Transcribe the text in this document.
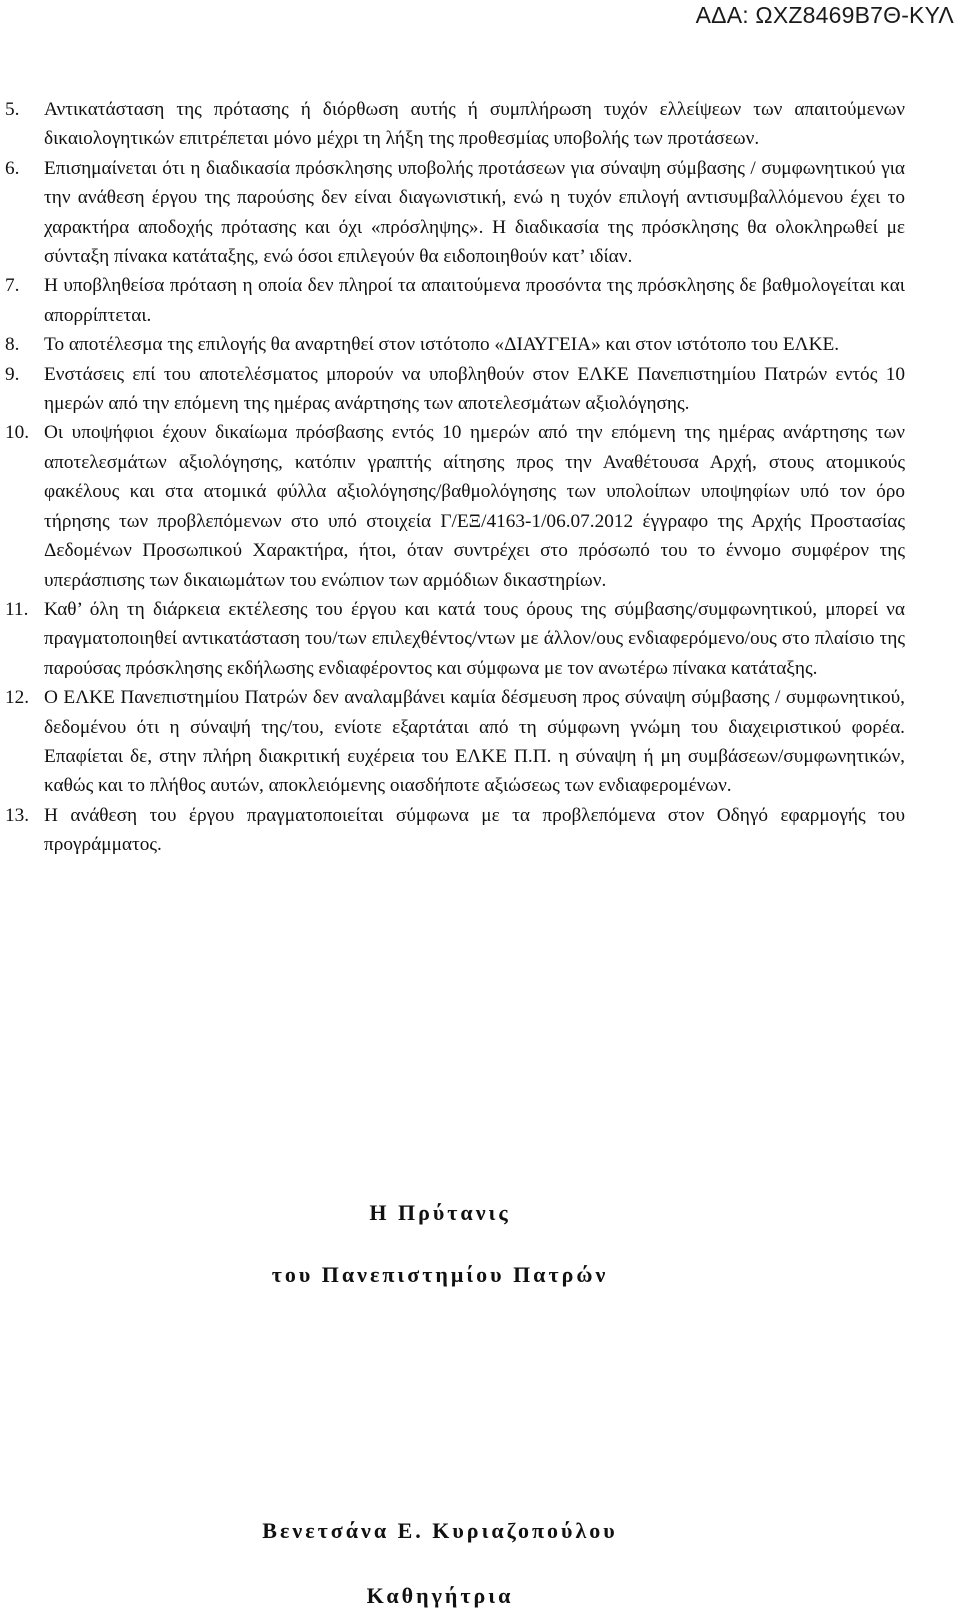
ΑΔΑ: ΩΧΖ8469Β7Θ-ΚΥΛ
5. Αντικατάσταση της πρότασης ή διόρθωση αυτής ή συμπλήρωση τυχόν ελλείψεων των απαιτούμενων δικαιολογητικών επιτρέπεται μόνο μέχρι τη λήξη της προθεσμίας υποβολής των προτάσεων.
6. Επισημαίνεται ότι η διαδικασία πρόσκλησης υποβολής προτάσεων για σύναψη σύμβασης / συμφωνητικού για την ανάθεση έργου της παρούσης δεν είναι διαγωνιστική, ενώ η τυχόν επιλογή αντισυμβαλλόμενου έχει το χαρακτήρα αποδοχής πρότασης και όχι «πρόσληψης». Η διαδικασία της πρόσκλησης θα ολοκληρωθεί με σύνταξη πίνακα κατάταξης, ενώ όσοι επιλεγούν θα ειδοποιηθούν κατ’ ιδίαν.
7. Η υποβληθείσα πρόταση η οποία δεν πληροί τα απαιτούμενα προσόντα της πρόσκλησης δε βαθμολογείται και απορρίπτεται.
8. Το αποτέλεσμα της επιλογής θα αναρτηθεί στον ιστότοπο «ΔΙΑΥΓΕΙΑ» και στον ιστότοπο του ΕΛΚΕ.
9. Ενστάσεις επί του αποτελέσματος μπορούν να υποβληθούν στον ΕΛΚΕ Πανεπιστημίου Πατρών εντός 10 ημερών από την επόμενη της ημέρας ανάρτησης των αποτελεσμάτων αξιολόγησης.
10. Οι υποψήφιοι έχουν δικαίωμα πρόσβασης εντός 10 ημερών από την επόμενη της ημέρας ανάρτησης των αποτελεσμάτων αξιολόγησης, κατόπιν γραπτής αίτησης προς την Αναθέτουσα Αρχή, στους ατομικούς φακέλους και στα ατομικά φύλλα αξιολόγησης/βαθμολόγησης των υπολοίπων υποψηφίων υπό τον όρο τήρησης των προβλεπόμενων στο υπό στοιχεία Γ/ΕΞ/4163-1/06.07.2012 έγγραφο της Αρχής Προστασίας Δεδομένων Προσωπικού Χαρακτήρα, ήτοι, όταν συντρέχει στο πρόσωπό του το έννομο συμφέρον της υπεράσπισης των δικαιωμάτων του ενώπιον των αρμόδιων δικαστηρίων.
11. Καθ’ όλη τη διάρκεια εκτέλεσης του έργου και κατά τους όρους της σύμβασης/συμφωνητικού, μπορεί να πραγματοποιηθεί αντικατάσταση του/των επιλεχθέντος/ντων με άλλον/ους ενδιαφερόμενο/ους στο πλαίσιο της παρούσας πρόσκλησης εκδήλωσης ενδιαφέροντος και σύμφωνα με τον ανωτέρω πίνακα κατάταξης.
12. Ο ΕΛΚΕ Πανεπιστημίου Πατρών δεν αναλαμβάνει καμία δέσμευση προς σύναψη σύμβασης / συμφωνητικού, δεδομένου ότι η σύναψή της/του, ενίοτε εξαρτάται από τη σύμφωνη γνώμη του διαχειριστικού φορέα. Επαφίεται δε, στην πλήρη διακριτική ευχέρεια του ΕΛΚΕ Π.Π. η σύναψη ή μη συμβάσεων/συμφωνητικών, καθώς και το πλήθος αυτών, αποκλειόμενης οιασδήποτε αξιώσεως των ενδιαφερομένων.
13. Η ανάθεση του έργου πραγματοποιείται σύμφωνα με τα προβλεπόμενα στον Οδηγό εφαρμογής του προγράμματος.
Η Πρύτανις
του Πανεπιστημίου Πατρών
Βενετσάνα Ε. Κυριαζοπούλου
Καθηγήτρια
